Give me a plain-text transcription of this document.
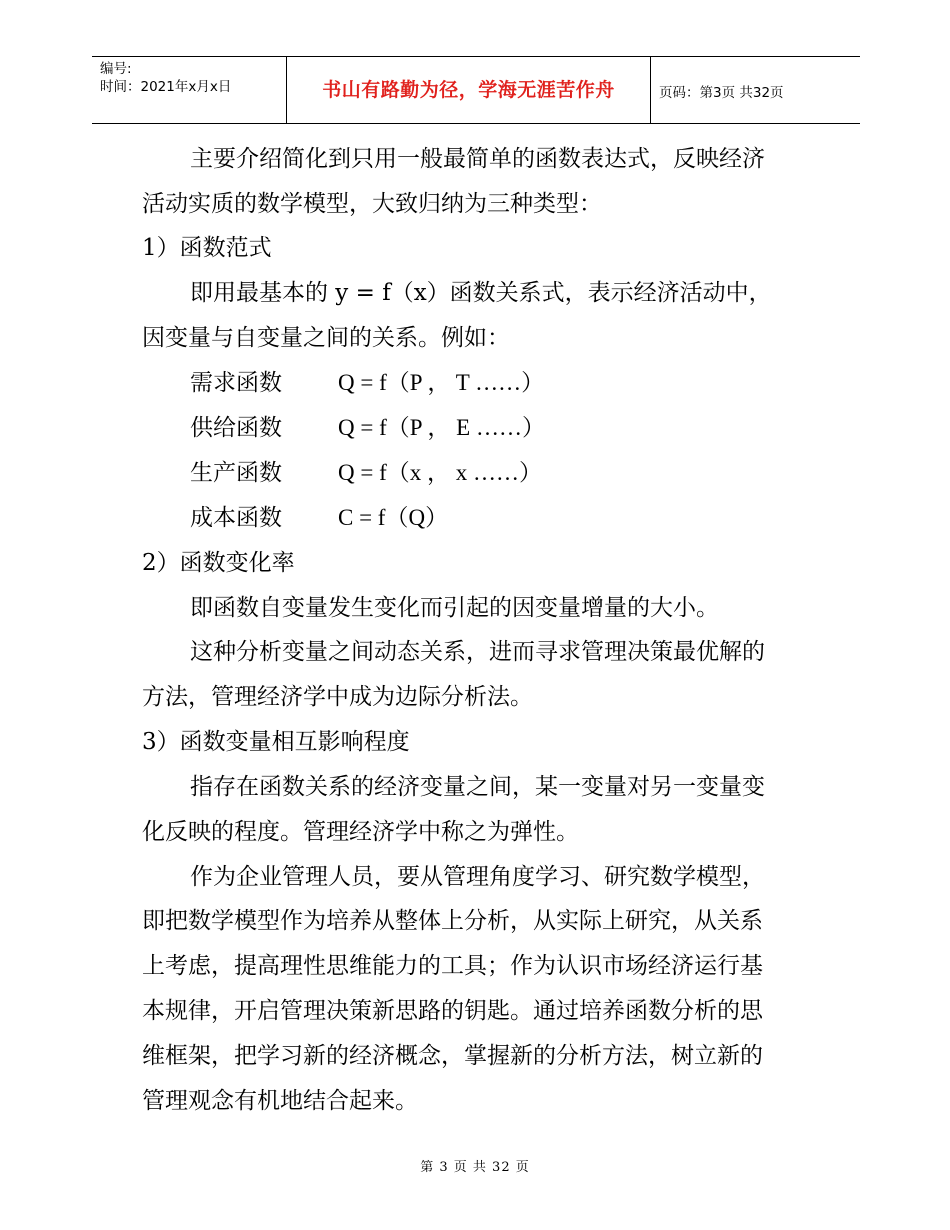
编号:
时间：2021年x月x日	书山有路勤为径，学海无涯苦作舟	页码：第3页 共32页
主要介绍简化到只用一般最简单的函数表达式，反映经济
活动实质的数学模型，大致归纳为三种类型：
1）函数范式
即用最基本的 y = f（x）函数关系式，表示经济活动中，
因变量与自变量之间的关系。例如：
需求函数 Q = f（P ， T ……）
供给函数 Q = f（P ， E ……）
生产函数 Q = f（x ， x ……）
成本函数 C = f（Q）
2）函数变化率
即函数自变量发生变化而引起的因变量增量的大小。
这种分析变量之间动态关系，进而寻求管理决策最优解的
方法，管理经济学中成为边际分析法。
3）函数变量相互影响程度
指存在函数关系的经济变量之间，某一变量对另一变量变
化反映的程度。管理经济学中称之为弹性。
作为企业管理人员，要从管理角度学习、研究数学模型，
即把数学模型作为培养从整体上分析，从实际上研究，从关系
上考虑，提高理性思维能力的工具；作为认识市场经济运行基
本规律，开启管理决策新思路的钥匙。通过培养函数分析的思
维框架，把学习新的经济概念，掌握新的分析方法，树立新的
管理观念有机地结合起来。
第 3 页 共 32 页
